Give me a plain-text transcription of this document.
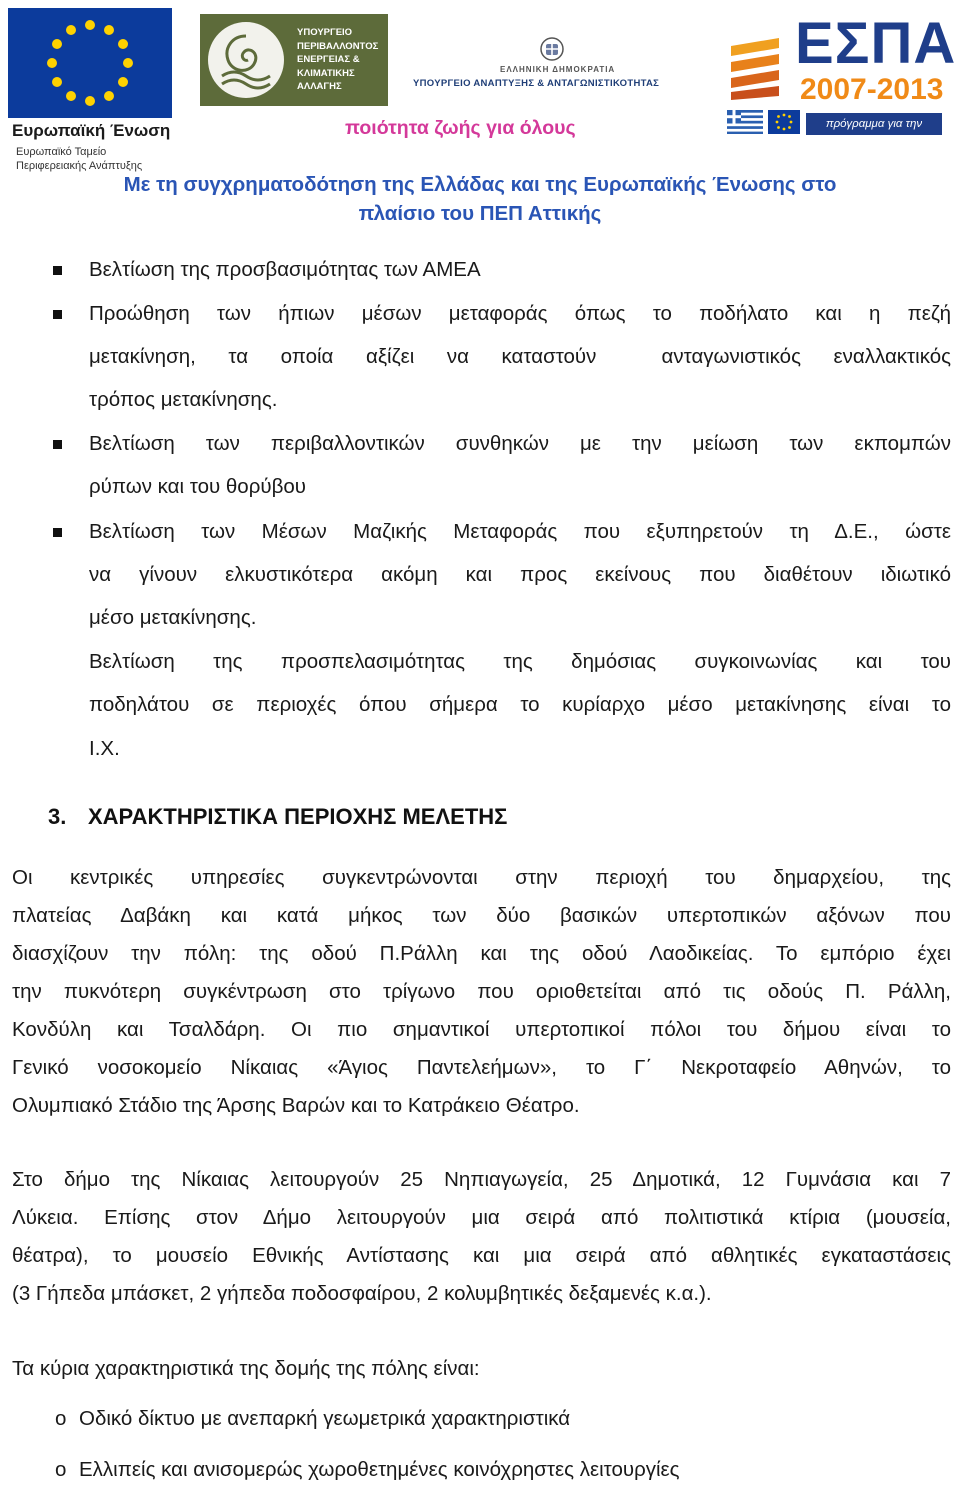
Ευρωπαϊκή Ένωση
Ευρωπαϊκό Ταμείο
Περιφερειακής Ανάπτυξης
ΥΠΟΥΡΓΕΙΟ
ΠΕΡΙΒΑΛΛΟΝΤΟΣ
ΕΝΕΡΓΕΙΑΣ &
ΚΛΙΜΑΤΙΚΗΣ
ΑΛΛΑΓΗΣ
ΕΛΛΗΝΙΚΗ ΔΗΜΟΚΡΑΤΙΑ
ΥΠΟΥΡΓΕΙΟ ΑΝΑΠΤΥΞΗΣ & ΑΝΤΑΓΩΝΙΣΤΙΚΟΤΗΤΑΣ
ΕΣΠΑ
2007-2013
πρόγραμμα για την ανάπτυξη
ποιότητα ζωής για όλους
Με τη συγχρηματοδότηση της Ελλάδας και της Ευρωπαϊκής Ένωσης στο
πλαίσιο του ΠΕΠ Αττικής
Βελτίωση της προσβασιμότητας των ΑΜΕΑ
Προώθηση των ήπιων μέσων μεταφοράς όπως το ποδήλατο και η πεζή
μετακίνηση, τα οποία αξίζει να καταστούν  ανταγωνιστικός εναλλακτικός
τρόπος μετακίνησης.
Βελτίωση των περιβαλλοντικών συνθηκών με την μείωση των εκπομπών
ρύπων και του θορύβου
Βελτίωση των Μέσων Μαζικής Μεταφοράς που εξυπηρετούν τη Δ.Ε., ώστε
να γίνουν ελκυστικότερα ακόμη και προς εκείνους που διαθέτουν ιδιωτικό
μέσο μετακίνησης.
Βελτίωση της προσπελασιμότητας της δημόσιας συγκοινωνίας και του
ποδηλάτου σε περιοχές όπου σήμερα το κυρίαρχο μέσο μετακίνησης είναι το
Ι.Χ.
3. ΧΑΡΑΚΤΗΡΙΣΤΙΚΑ ΠΕΡΙΟΧΗΣ ΜΕΛΕΤΗΣ
Οι κεντρικές υπηρεσίες συγκεντρώνονται στην περιοχή του δημαρχείου, της
πλατείας Δαβάκη και κατά μήκος των δύο βασικών υπερτοπικών αξόνων που
διασχίζουν την πόλη: της οδού Π.Ράλλη και της οδού Λαοδικείας. Το εμπόριο έχει
την πυκνότερη συγκέντρωση στο τρίγωνο που οριοθετείται από τις οδούς Π. Ράλλη,
Κονδύλη και Τσαλδάρη. Οι πιο σημαντικοί υπερτοπικοί πόλοι του δήμου είναι το
Γενικό νοσοκομείο Νίκαιας «Άγιος Παντελεήμων», το Γ΄ Νεκροταφείο Αθηνών, το
Ολυμπιακό Στάδιο της Άρσης Βαρών και το Κατράκειο Θέατρο.
Στο δήμο της Νίκαιας λειτουργούν 25 Νηπιαγωγεία, 25 Δημοτικά, 12 Γυμνάσια και 7
Λύκεια. Επίσης στον Δήμο λειτουργούν μια σειρά από πολιτιστικά κτίρια (μουσεία,
θέατρα), το μουσείο Εθνικής Αντίστασης και μια σειρά από αθλητικές εγκαταστάσεις
(3 Γήπεδα μπάσκετ, 2 γήπεδα ποδοσφαίρου, 2 κολυμβητικές δεξαμενές κ.α.).
Τα κύρια χαρακτηριστικά της δομής της πόλης είναι:
o Οδικό δίκτυο με ανεπαρκή γεωμετρικά χαρακτηριστικά
o Ελλιπείς και ανισομερώς χωροθετημένες κοινόχρηστες λειτουργίες
